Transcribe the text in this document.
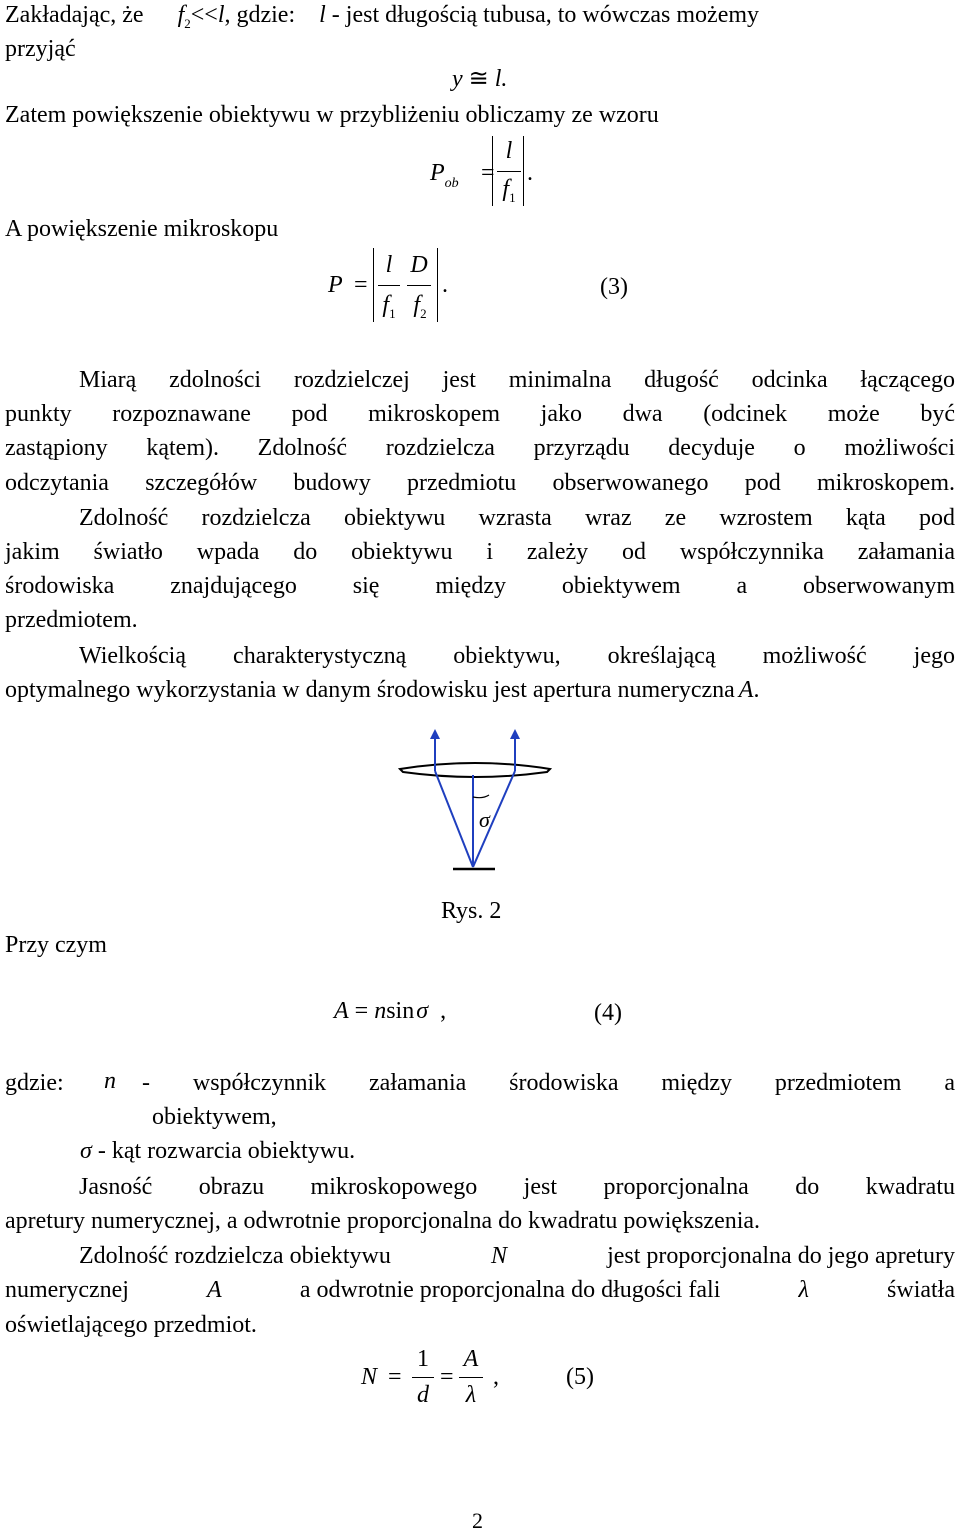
Zakładając, że $f_2<<l$, gdzie: l - jest długością tubusa, to wówczas możemy
przyjąć
y ≅ l.
Zatem powiększenie obiektywu w przybliżeniu obliczamy ze wzoru
$P_{ob}$ =
l
$f_1$
.
A powiększenie mikroskopu
P =
l
$f_1$
D
$f_2$
.	(3)
Miarą zdolności rozdzielczej jest minimalna długość odcinka łączącego
punkty rozpoznawane pod mikroskopem jako dwa (odcinek może być
zastąpiony kątem). Zdolność rozdzielcza przyrządu decyduje o możliwości
odczytania szczegółów budowy przedmiotu obserwowanego pod mikroskopem.
Zdolność rozdzielcza obiektywu wzrasta wraz ze wzrostem kąta pod
jakim światło wpada do obiektywu i zależy od współczynnika załamania
środowiska znajdującego się między obiektywem a obserwowanym
przedmiotem.
Wielkością charakterystyczną obiektywu, określającą możliwość jego
optymalnego wykorzystania w danym środowisku jest apertura numeryczna A.
σ
Rys. 2
Przy czym
A = nsinσ ,	(4)
gdzie: n - współczynnik załamania środowiska między przedmiotem a
obiektywem,
σ - kąt rozwarcia obiektywu.
Jasność obrazu mikroskopowego jest proporcjonalna do kwadratu
apretury numerycznej, a odwrotnie proporcjonalna do kwadratu powiększenia.
Zdolność rozdzielcza obiektywu	N	jest proporcjonalna do jego apretury
numerycznej	A	a odwrotnie proporcjonalna do długości fali	λ	światła
oświetlającego przedmiot.
N =
1
d
=
A
λ
,	(5)
2
